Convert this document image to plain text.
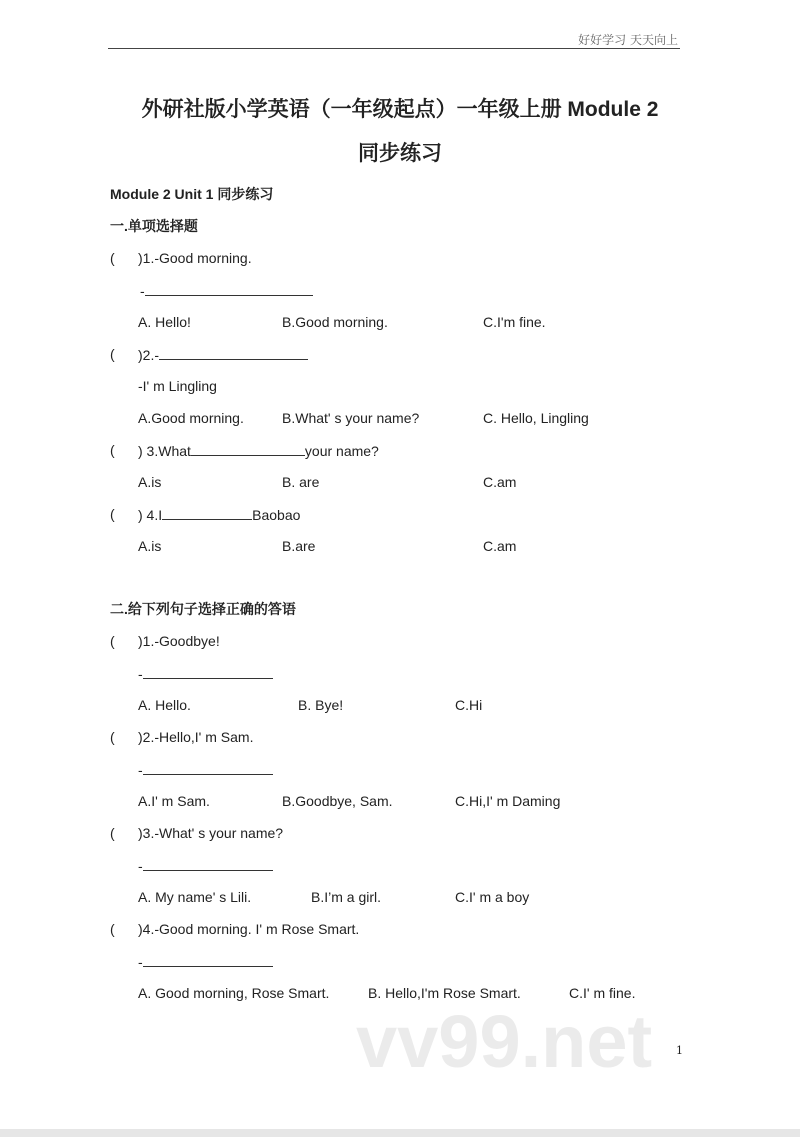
好好学习 天天向上
外研社版小学英语（一年级起点）一年级上册 Module 2
同步练习
Module 2 Unit 1 同步练习
一.单项选择题
( )1.-Good morning.
-
A. Hello!	B.Good morning.	C.I'm fine.
( )2.-
-I' m Lingling
A.Good morning.	B.What' s your name?	C. Hello, Lingling
( ) 3.What	your name?
A.is	B. are	C.am
( ) 4.I	Baobao
A.is	B.are	C.am
二.给下列句子选择正确的答语
( )1.-Goodbye!
-
A. Hello.	B. Bye!	C.Hi
( )2.-Hello,I' m Sam.
-
A.I' m Sam.	B.Goodbye, Sam.	C.Hi,I' m Daming
( )3.-What' s your name?
-
A. My name' s Lili.	B.I’m a girl.	C.I' m a boy
( )4.-Good morning. I' m Rose Smart.
-
A. Good morning, Rose Smart.	B. Hello,I'm Rose Smart.	C.I' m fine.
vv99.net 1
